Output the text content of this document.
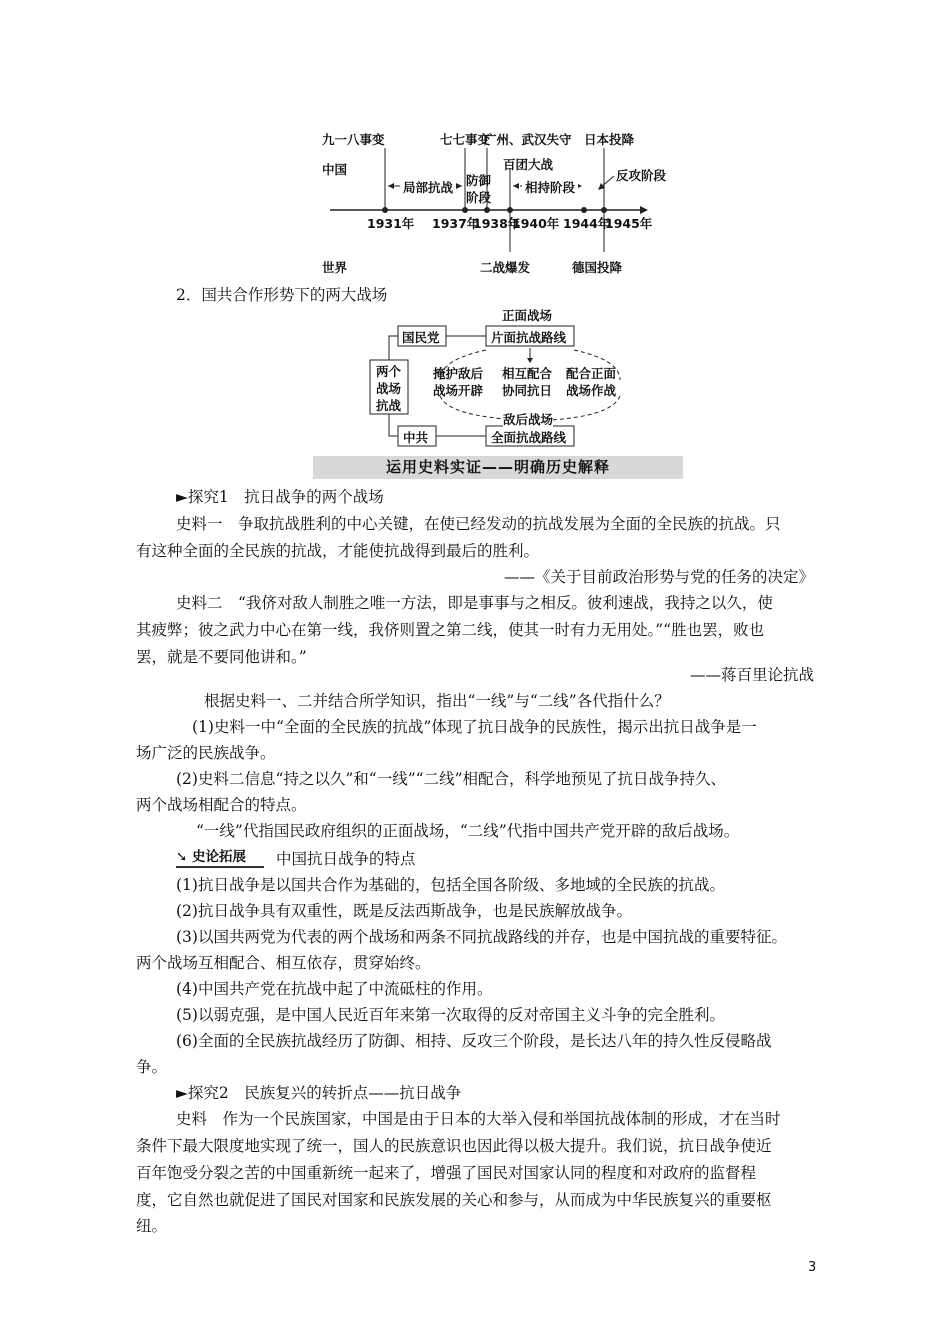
九一八事变	七七事变
广州、武汉失守 日本投降
百团大战
中国	反攻阶段
局部抗战 防御
阶段
相持阶段
1931年 1937年
1938年
1940年 1944年
1945年
世界	二战爆发	德国投降
2．国共合作形势下的两大战场
正面战场
国民党	片面抗战路线
两个
战场
抗战
掩护敌后
战场开辟
相互配合
协同抗日
配合正面
战场作战
敌后战场
中共	全面抗战路线
运用史料实证——明确历史解释
►探究1　抗日战争的两个战场
史料一　争取抗战胜利的中心关键，在使已经发动的抗战发展为全面的全民族的抗战。只
有这种全面的全民族的抗战，才能使抗战得到最后的胜利。
——《关于目前政治形势与党的任务的决定》
史料二　“我侪对敌人制胜之唯一方法，即是事事与之相反。彼利速战，我持之以久，使
其疲弊；彼之武力中心在第一线，我侪则置之第二线，使其一时有力无用处。”“胜也罢，败也
罢，就是不要同他讲和。”
——蒋百里论抗战
根据史料一、二并结合所学知识，指出“一线”与“二线”各代指什么？
(1)史料一中“全面的全民族的抗战”体现了抗日战争的民族性，揭示出抗日战争是一
场广泛的民族战争。
(2)史料二信息“持之以久”和“一线”“二线”相配合，科学地预见了抗日战争持久、
两个战场相配合的特点。
“一线”代指国民政府组织的正面战场，“二线”代指中国共产党开辟的敌后战场。
➘ 史论拓展 中国抗日战争的特点
(1)抗日战争是以国共合作为基础的，包括全国各阶级、多地域的全民族的抗战。
(2)抗日战争具有双重性，既是反法西斯战争，也是民族解放战争。
(3)以国共两党为代表的两个战场和两条不同抗战路线的并存，也是中国抗战的重要特征。
两个战场互相配合、相互依存，贯穿始终。
(4)中国共产党在抗战中起了中流砥柱的作用。
(5)以弱克强，是中国人民近百年来第一次取得的反对帝国主义斗争的完全胜利。
(6)全面的全民族抗战经历了防御、相持、反攻三个阶段，是长达八年的持久性反侵略战
争。
►探究2　民族复兴的转折点——抗日战争
史料　作为一个民族国家，中国是由于日本的大举入侵和举国抗战体制的形成，才在当时
条件下最大限度地实现了统一，国人的民族意识也因此得以极大提升。我们说，抗日战争使近
百年饱受分裂之苦的中国重新统一起来了，增强了国民对国家认同的程度和对政府的监督程
度，它自然也就促进了国民对国家和民族发展的关心和参与，从而成为中华民族复兴的重要枢
纽。
3
